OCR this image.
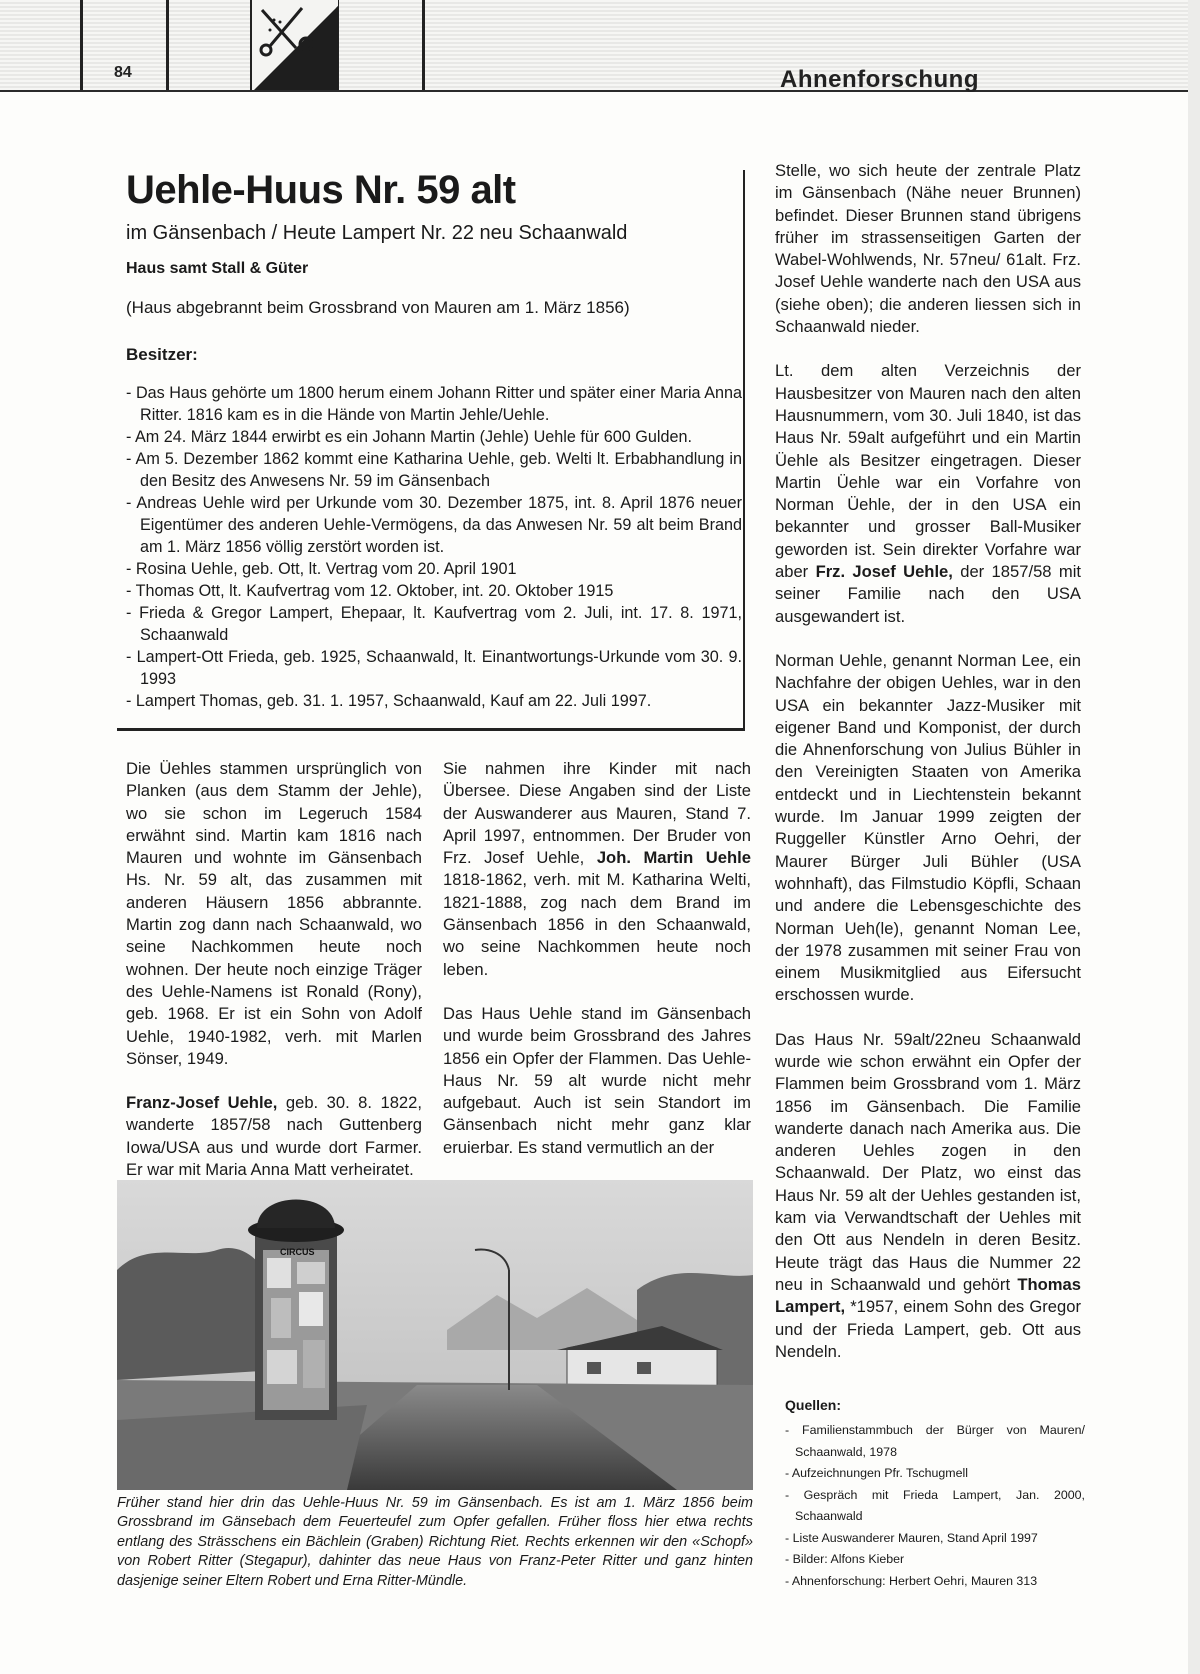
84	Ahnenforschung
Uehle-Huus Nr. 59 alt
im Gänsenbach / Heute Lampert Nr. 22 neu Schaanwald
Haus samt Stall & Güter
(Haus abgebrannt beim Grossbrand von Mauren am 1. März 1856)
Besitzer:
- Das Haus gehörte um 1800 herum einem Johann Ritter und später einer Maria Anna Ritter. 1816 kam es in die Hände von Martin Jehle/Uehle.
- Am 24. März 1844 erwirbt es ein Johann Martin (Jehle) Uehle für 600 Gulden.
- Am 5. Dezember 1862 kommt eine Katharina Uehle, geb. Welti lt. Erbabhandlung in den Besitz des Anwesens Nr. 59 im Gänsenbach
- Andreas Uehle wird per Urkunde vom 30. Dezember 1875, int. 8. April 1876 neuer Eigentümer des anderen Uehle-Vermögens, da das Anwesen Nr. 59 alt beim Brand am 1. März 1856 völlig zerstört worden ist.
- Rosina Uehle, geb. Ott, lt. Vertrag vom 20. April 1901
- Thomas Ott, lt. Kaufvertrag vom 12. Oktober, int. 20. Oktober 1915
- Frieda & Gregor Lampert, Ehepaar, lt. Kaufvertrag vom 2. Juli, int. 17. 8. 1971, Schaanwald
- Lampert-Ott Frieda, geb. 1925, Schaanwald, lt. Einantwortungs-Urkunde vom 30. 9. 1993
- Lampert Thomas, geb. 31. 1. 1957, Schaanwald, Kauf am 22. Juli 1997.

Die Üehles stammen ursprünglich von Planken (aus dem Stamm der Jehle), wo sie schon im Legeruch 1584 erwähnt sind. Martin kam 1816 nach Mauren und wohnte im Gänsenbach Hs. Nr. 59 alt, das zusammen mit anderen Häusern 1856 abbrannte. Martin zog dann nach Schaanwald, wo seine Nachkommen heute noch wohnen. Der heute noch einzige Träger des Uehle-Namens ist Ronald (Rony), geb. 1968. Er ist ein Sohn von Adolf Uehle, 1940-1982, verh. mit Marlen Sönser, 1949.

Franz-Josef Uehle, geb. 30. 8. 1822, wanderte 1857/58 nach Guttenberg Iowa/USA aus und wurde dort Farmer. Er war mit Maria Anna Matt verheiratet.

Sie nahmen ihre Kinder mit nach Übersee. Diese Angaben sind der Liste der Auswanderer aus Mauren, Stand 7. April 1997, entnommen. Der Bruder von Frz. Josef Uehle, Joh. Martin Uehle 1818-1862, verh. mit M. Katharina Welti, 1821-1888, zog nach dem Brand im Gänsenbach 1856 in den Schaanwald, wo seine Nachkommen heute noch leben.

Das Haus Uehle stand im Gänsenbach und wurde beim Grossbrand des Jahres 1856 ein Opfer der Flammen. Das Uehle-Haus Nr. 59 alt wurde nicht mehr aufgebaut. Auch ist sein Standort im Gänsenbach nicht mehr ganz klar eruierbar. Es stand vermutlich an der

Stelle, wo sich heute der zentrale Platz im Gänsenbach (Nähe neuer Brunnen) befindet. Dieser Brunnen stand übrigens früher im strassenseitigen Garten der Wabel-Wohlwends, Nr. 57neu/ 61alt. Frz. Josef Uehle wanderte nach den USA aus (siehe oben); die anderen liessen sich in Schaanwald nieder.

Lt. dem alten Verzeichnis der Hausbesitzer von Mauren nach den alten Hausnummern, vom 30. Juli 1840, ist das Haus Nr. 59alt aufgeführt und ein Martin Üehle als Besitzer eingetragen. Dieser Martin Üehle war ein Vorfahre von Norman Üehle, der in den USA ein bekannter und grosser Ball-Musiker geworden ist. Sein direkter Vorfahre war aber Frz. Josef Uehle, der 1857/58 mit seiner Familie nach den USA ausgewandert ist.

Norman Uehle, genannt Norman Lee, ein Nachfahre der obigen Uehles, war in den USA ein bekannter Jazz-Musiker mit eigener Band und Komponist, der durch die Ahnenforschung von Julius Bühler in den Vereinigten Staaten von Amerika entdeckt und in Liechtenstein bekannt wurde. Im Januar 1999 zeigten der Ruggeller Künstler Arno Oehri, der Maurer Bürger Juli Bühler (USA wohnhaft), das Filmstudio Köpfli, Schaan und andere die Lebensgeschichte des Norman Ueh(le), genannt Noman Lee, der 1978 zusammen mit seiner Frau von einem Musikmitglied aus Eifersucht erschossen wurde.

Das Haus Nr. 59alt/22neu Schaanwald wurde wie schon erwähnt ein Opfer der Flammen beim Grossbrand vom 1. März 1856 im Gänsenbach. Die Familie wanderte danach nach Amerika aus. Die anderen Uehles zogen in den Schaanwald. Der Platz, wo einst das Haus Nr. 59 alt der Uehles gestanden ist, kam via Verwandtschaft der Uehles mit den Ott aus Nendeln in deren Besitz. Heute trägt das Haus die Nummer 22 neu in Schaanwald und gehört Thomas Lampert, *1957, einem Sohn des Gregor und der Frieda Lampert, geb. Ott aus Nendeln.

CIRCUS
Früher stand hier drin das Uehle-Huus Nr. 59 im Gänsenbach. Es ist am 1. März 1856 beim Grossbrand im Gänsebach dem Feuerteufel zum Opfer gefallen. Früher floss hier etwa rechts entlang des Strässchens ein Bächlein (Graben) Richtung Riet. Rechts erkennen wir den «Schopf» von Robert Ritter (Stegapur), dahinter das neue Haus von Franz-Peter Ritter und ganz hinten dasjenige seiner Eltern Robert und Erna Ritter-Mündle.
Quellen:
- Familienstammbuch der Bürger von Mauren/ Schaanwald, 1978
- Aufzeichnungen Pfr. Tschugmell
- Gespräch mit Frieda Lampert, Jan. 2000, Schaanwald
- Liste Auswanderer Mauren, Stand April 1997
- Bilder: Alfons Kieber
- Ahnenforschung: Herbert Oehri, Mauren 313
